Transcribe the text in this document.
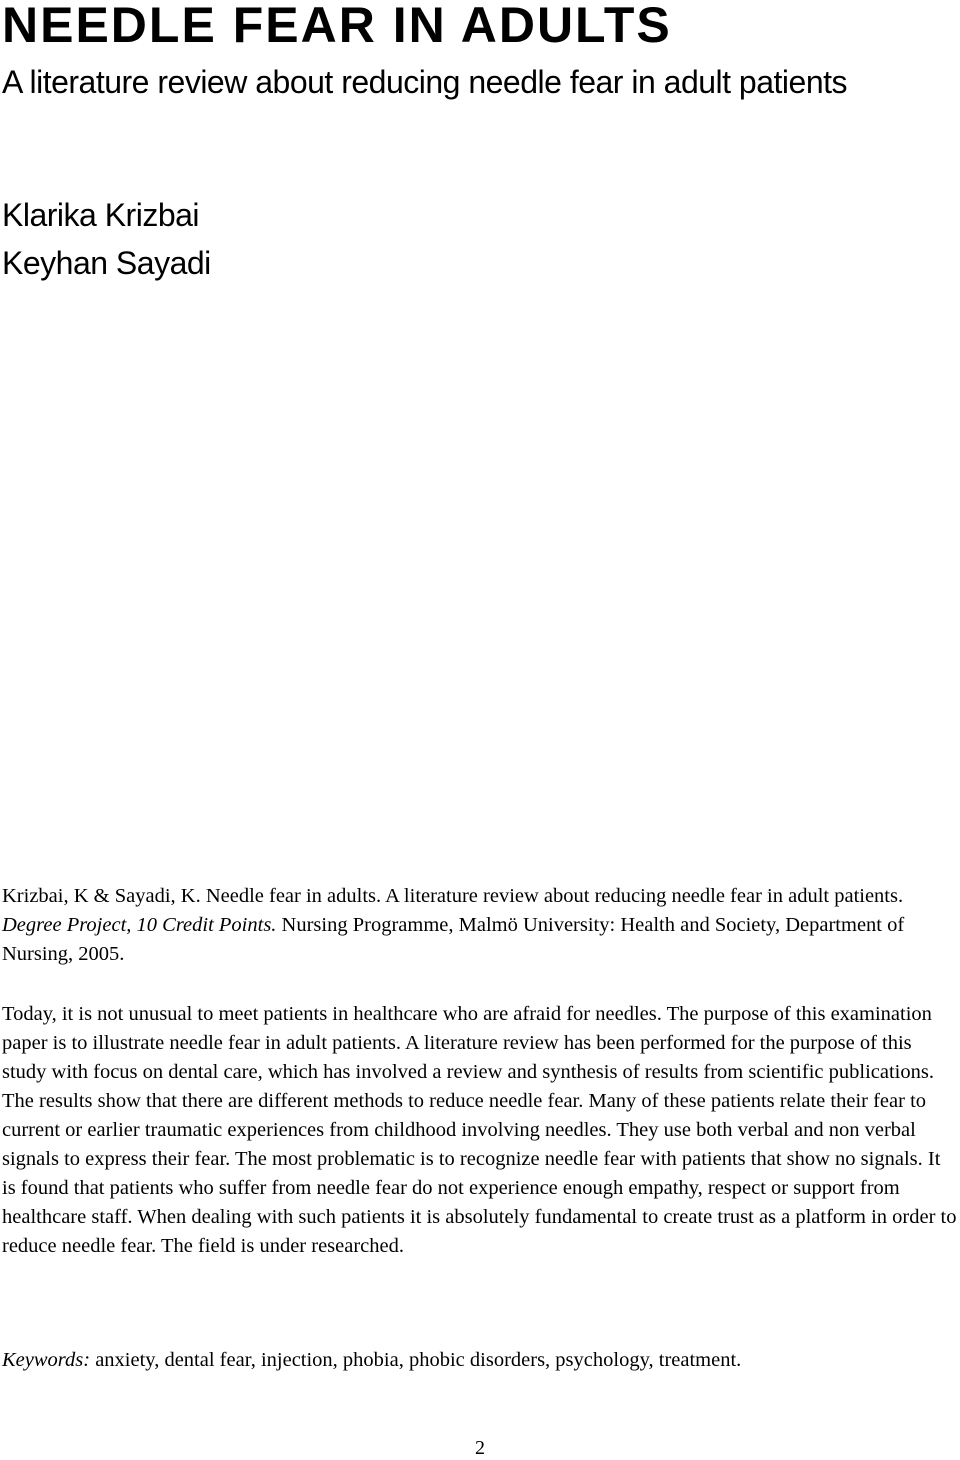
NEEDLE FEAR IN ADULTS
A literature review about reducing needle fear in adult patients
Klarika Krizbai
Keyhan Sayadi

Krizbai, K & Sayadi, K. Needle fear in adults. A literature review about reducing needle fear in adult patients. Degree Project, 10 Credit Points. Nursing Programme, Malmö University: Health and Society, Department of Nursing, 2005.

Today, it is not unusual to meet patients in healthcare who are afraid for needles. The purpose of this examination paper is to illustrate needle fear in adult patients. A literature review has been performed for the purpose of this study with focus on dental care, which has involved a review and synthesis of results from scientific publications. The results show that there are different methods to reduce needle fear. Many of these patients relate their fear to current or earlier traumatic experiences from childhood involving needles. They use both verbal and non verbal signals to express their fear. The most problematic is to recognize needle fear with patients that show no signals. It is found that patients who suffer from needle fear do not experience enough empathy, respect or support from healthcare staff. When dealing with such patients it is absolutely fundamental to create trust as a platform in order to reduce needle fear. The field is under researched.

Keywords: anxiety, dental fear, injection, phobia, phobic disorders, psychology, treatment.

2
